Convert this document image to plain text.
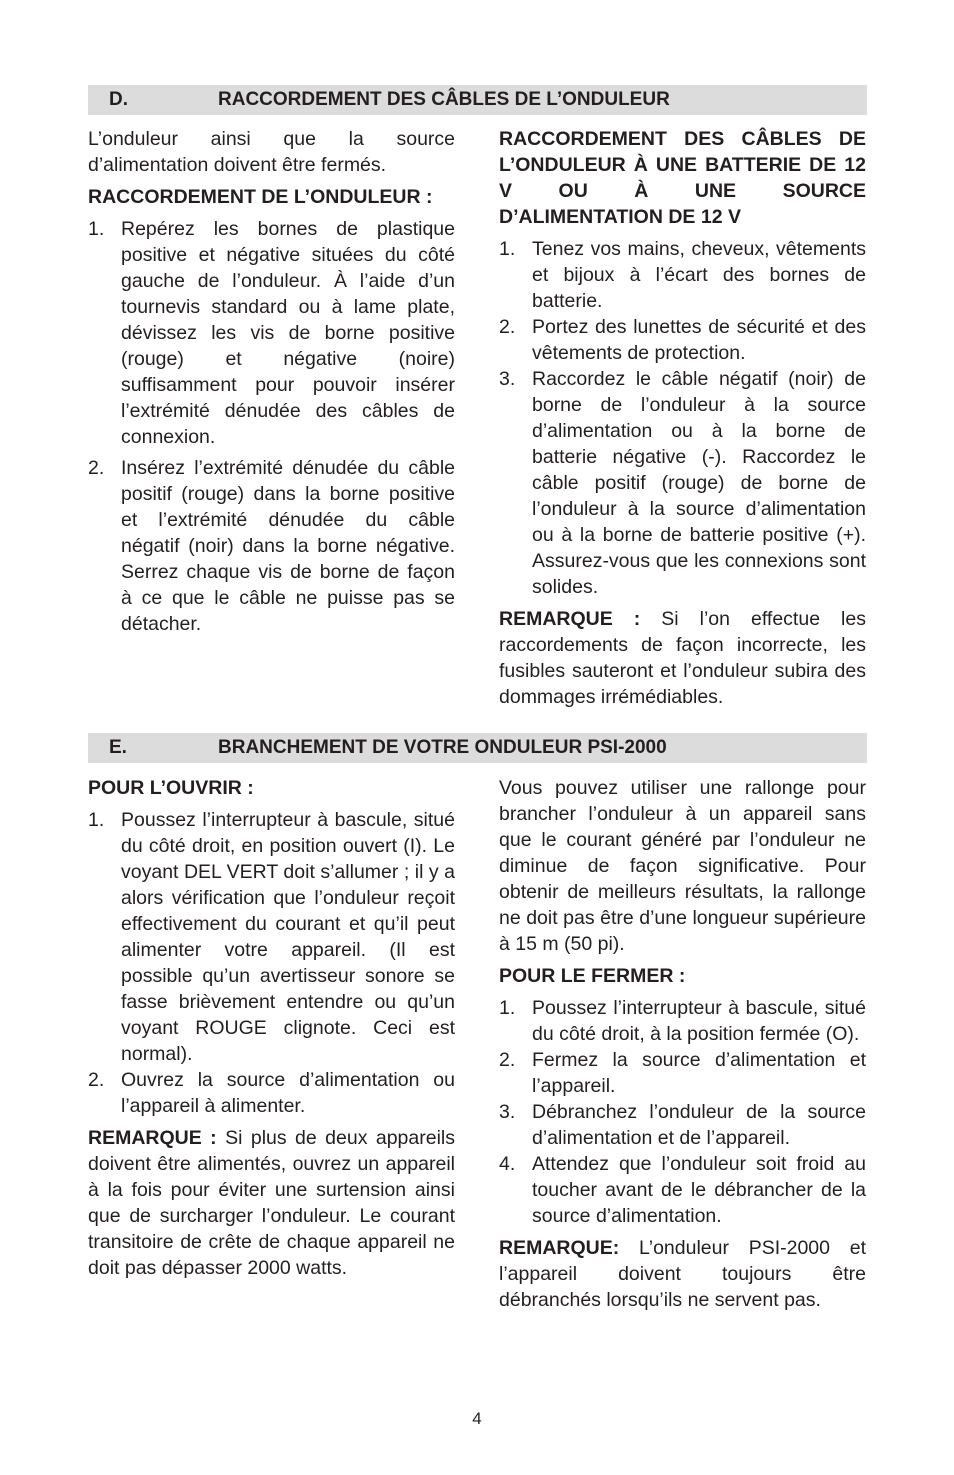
D.	RACCORDEMENT DES CÂBLES DE L’ONDULEUR

L’onduleur ainsi que la source d’alimentation doivent être fermés.

RACCORDEMENT DE L’ONDULEUR :

1. Repérez les bornes de plastique positive et négative situées du côté gauche de l’onduleur. À l’aide d’un tournevis standard ou à lame plate, dévissez les vis de borne positive (rouge) et négative (noire) suffisamment pour pouvoir insérer l’extrémité dénudée des câbles de connexion.
2. Insérez l’extrémité dénudée du câble positif (rouge) dans la borne positive et l’extrémité dénudée du câble négatif (noir) dans la borne négative. Serrez chaque vis de borne de façon à ce que le câble ne puisse pas se détacher.

RACCORDEMENT DES CÂBLES DE L’ONDULEUR À UNE BATTERIE DE 12 V OU À UNE SOURCE D’ALIMENTATION DE 12 V

1. Tenez vos mains, cheveux, vêtements et bijoux à l’écart des bornes de batterie.
2. Portez des lunettes de sécurité et des vêtements de protection.
3. Raccordez le câble négatif (noir) de borne de l’onduleur à la source d’alimentation ou à la borne de batterie négative (-). Raccordez le câble positif (rouge) de borne de l’onduleur à la source d’alimentation ou à la borne de batterie positive (+). Assurez-vous que les connexions sont solides.

REMARQUE : Si l’on effectue les raccordements de façon incorrecte, les fusibles sauteront et l’onduleur subira des dommages irrémédiables.

E.	BRANCHEMENT DE VOTRE ONDULEUR PSI-2000

POUR L’OUVRIR :

1. Poussez l’interrupteur à bascule, situé du côté droit, en position ouvert (I). Le voyant DEL VERT doit s’allumer ; il y a alors vérification que l’onduleur reçoit effectivement du courant et qu’il peut alimenter votre appareil. (Il est possible qu’un avertisseur sonore se fasse brièvement entendre ou qu’un voyant ROUGE clignote. Ceci est normal).
2. Ouvrez la source d’alimentation ou l’appareil à alimenter.

REMARQUE : Si plus de deux appareils doivent être alimentés, ouvrez un appareil à la fois pour éviter une surtension ainsi que de surcharger l’onduleur. Le courant transitoire de crête de chaque appareil ne doit pas dépasser 2000 watts.

Vous pouvez utiliser une rallonge pour brancher l’onduleur à un appareil sans que le courant généré par l’onduleur ne diminue de façon significative. Pour obtenir de meilleurs résultats, la rallonge ne doit pas être d’une longueur supérieure à 15 m (50 pi).

POUR LE FERMER :

1. Poussez l’interrupteur à bascule, situé du côté droit, à la position fermée (O).
2. Fermez la source d’alimentation et l’appareil.
3. Débranchez l’onduleur de la source d’alimentation et de l’appareil.
4. Attendez que l’onduleur soit froid au toucher avant de le débrancher de la source d’alimentation.

REMARQUE: L’onduleur PSI-2000 et l’appareil doivent toujours être débranchés lorsqu’ils ne servent pas.

4
